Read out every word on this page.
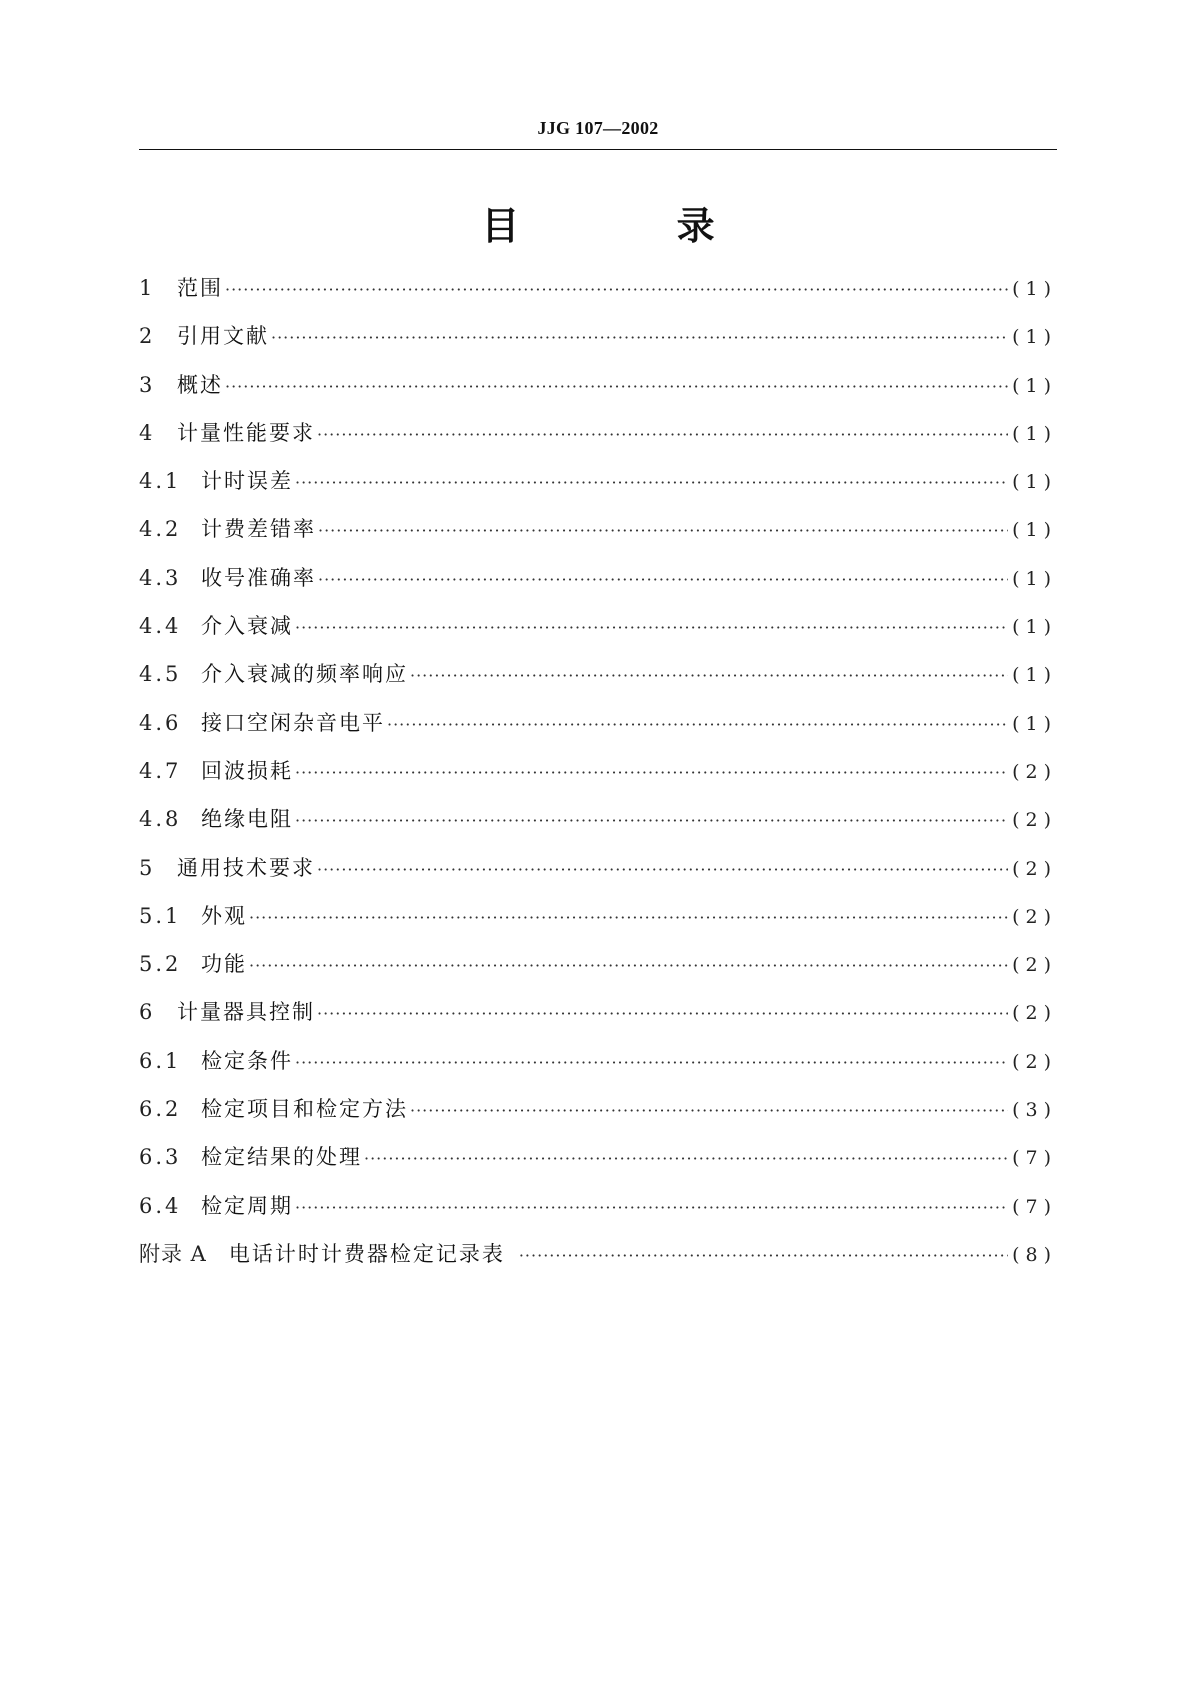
JJG 107—2002
目 录
1	范围 ·····	(1)
2	引用文献 ·····	(1)
3	概述 ·····	(1)
4	计量性能要求 ·····	(1)
4.1 计时误差 ·····	(1)
4.2 计费差错率 ·····	(1)
4.3 收号准确率 ·····	(1)
4.4 介入衰减 ·····	(1)
4.5 介入衰减的频率响应 ·····	(1)
4.6 接口空闲杂音电平 ·····	(1)
4.7 回波损耗 ·····	(2)
4.8 绝缘电阻 ·····	(2)
5	通用技术要求 ·····	(2)
5.1 外观 ·····	(2)
5.2 功能 ·····	(2)
6	计量器具控制 ·····	(2)
6.1 检定条件 ·····	(2)
6.2 检定项目和检定方法 ·····	(3)
6.3 检定结果的处理 ·····	(7)
6.4 检定周期 ·····	(7)
附录 A 电话计时计费器检定记录表 ·····	(8)
